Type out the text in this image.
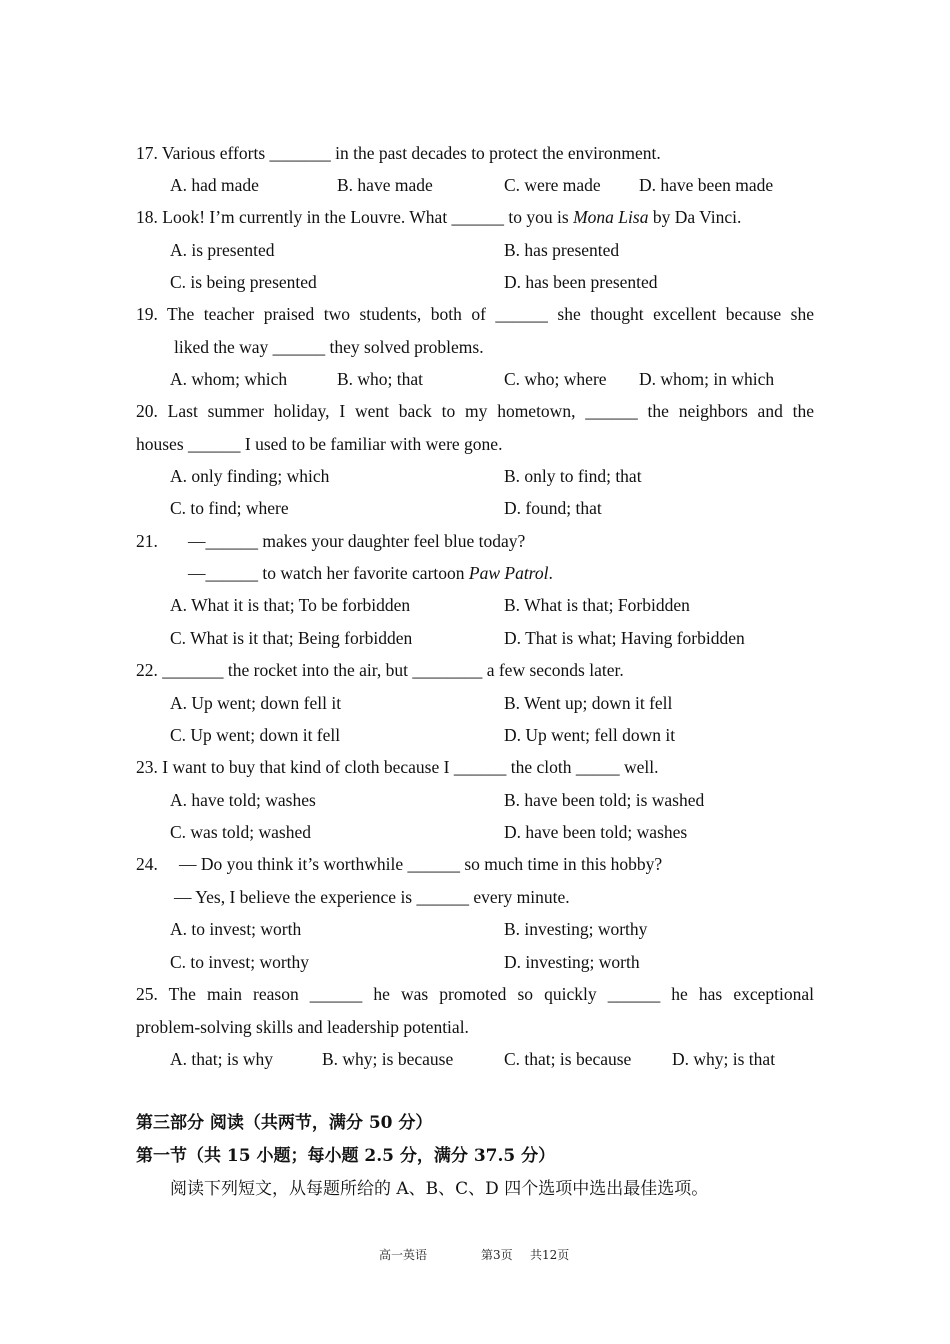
17. Various efforts _______ in the past decades to protect the environment.
A. had made	B. have made	C. were made D. have been made
18. Look! I’m currently in the Louvre. What ______ to you is Mona Lisa by Da Vinci.
A. is presented	B. has presented
C. is being presented	D. has been presented
19. The teacher praised two students, both of ______ she thought excellent because she
liked the way ______ they solved problems.
A. whom; which	B. who; that	C. who; where D. whom; in which
20. Last summer holiday, I went back to my hometown, ______ the neighbors and the
houses ______ I used to be familiar with were gone.
A. only finding; which	B. only to find; that
C. to find; where	D. found; that
21. —______ makes your daughter feel blue today?
—______ to watch her favorite cartoon Paw Patrol.
A. What it is that; To be forbidden	B. What is that; Forbidden
C. What is it that; Being forbidden	D. That is what; Having forbidden
22. _______ the rocket into the air, but ________ a few seconds later.
A. Up went; down fell it	B. Went up; down it fell
C. Up went; down it fell	D. Up went; fell down it
23. I want to buy that kind of cloth because I ______ the cloth _____ well.
A. have told; washes	B. have been told; is washed
C. was told; washed	D. have been told; washes
24. — Do you think it’s worthwhile ______ so much time in this hobby?
— Yes, I believe the experience is ______ every minute.
A. to invest; worth	B. investing; worthy
C. to invest; worthy	D. investing; worth
25. The main reason ______ he was promoted so quickly ______ he has exceptional
problem-solving skills and leadership potential.
A. that; is why	B. why; is because	C. that; is because D. why; is that
第三部分 阅读（共两节，满分 50 分）
第一节（共 15 小题；每小题 2.5 分，满分 37.5 分）
阅读下列短文，从每题所给的 A、B、C、D 四个选项中选出最佳选项。
高一英语	第3页 共12页
